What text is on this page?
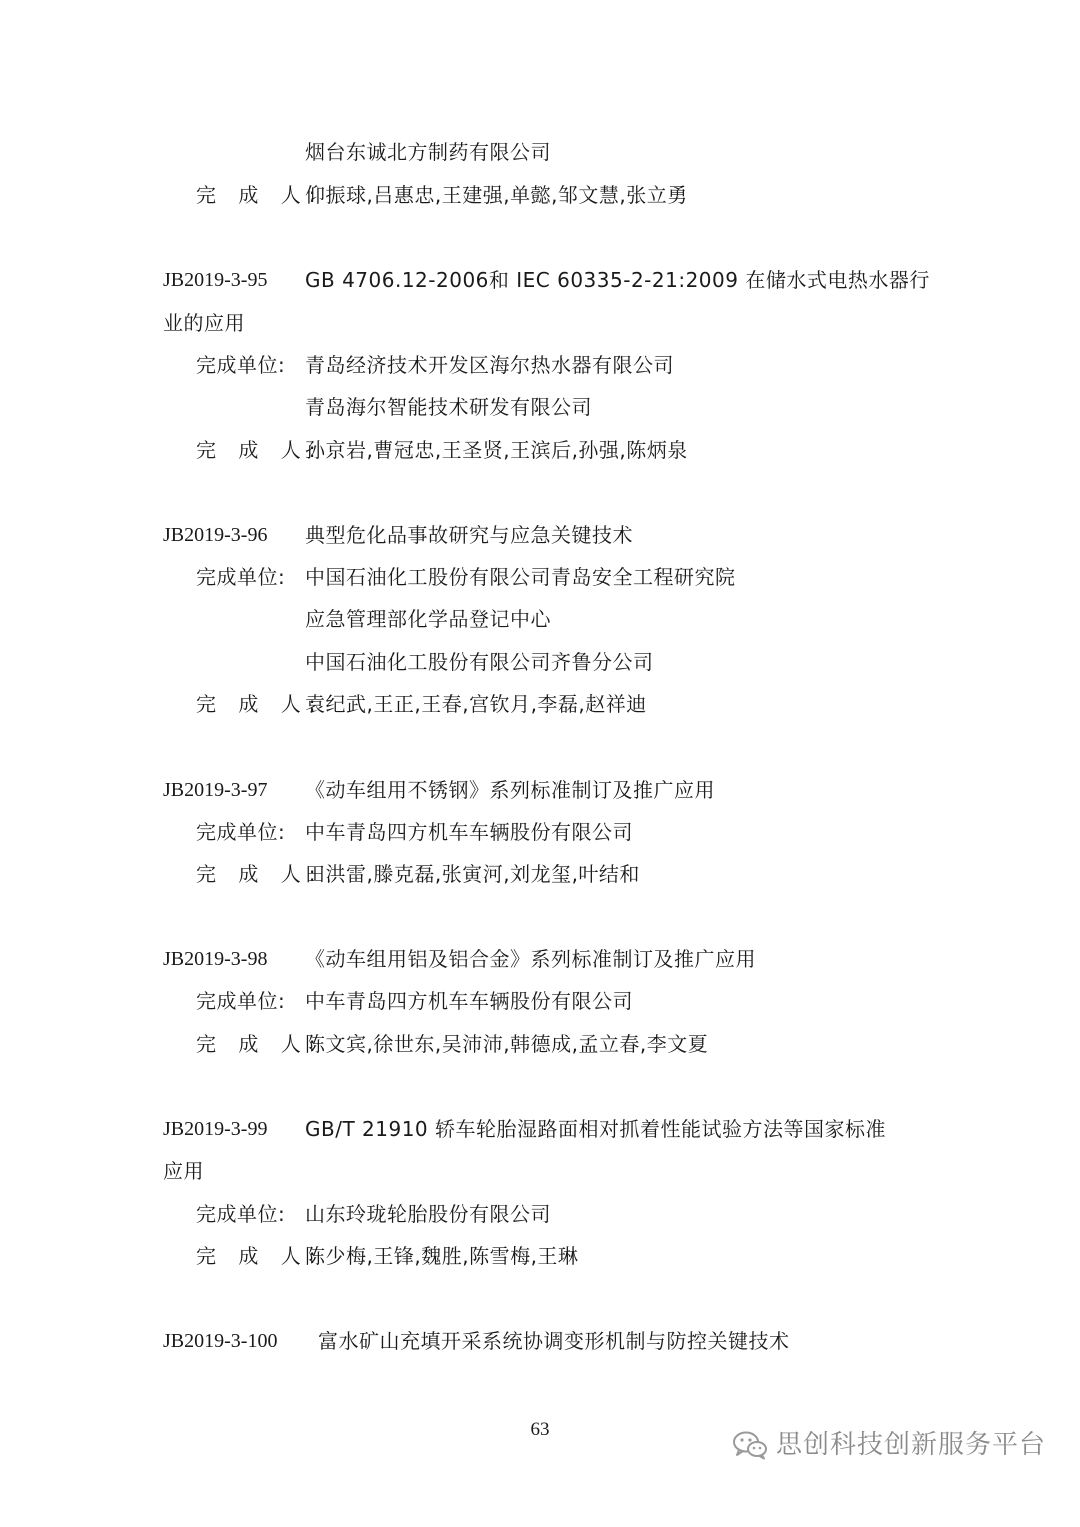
烟台东诚北方制药有限公司
完 成 人:
仰振球,吕惠忠,王建强,单懿,邹文慧,张立勇
JB2019-3-95 GB 4706.12-2006和 IEC 60335-2-21:2009 在储水式电热水器行
业的应用
完成单位: 青岛经济技术开发区海尔热水器有限公司
青岛海尔智能技术研发有限公司
完 成 人:
孙京岩,曹冠忠,王圣贤,王滨后,孙强,陈炳泉
JB2019-3-96 典型危化品事故研究与应急关键技术
完成单位: 中国石油化工股份有限公司青岛安全工程研究院
应急管理部化学品登记中心
中国石油化工股份有限公司齐鲁分公司
完 成 人:
袁纪武,王正,王春,宫钦月,李磊,赵祥迪
JB2019-3-97 《动车组用不锈钢》系列标准制订及推广应用
完成单位: 中车青岛四方机车车辆股份有限公司
完 成 人:
田洪雷,滕克磊,张寅河,刘龙玺,叶结和
JB2019-3-98 《动车组用铝及铝合金》系列标准制订及推广应用
完成单位: 中车青岛四方机车车辆股份有限公司
完 成 人:
陈文宾,徐世东,吴沛沛,韩德成,孟立春,李文夏
JB2019-3-99 GB/T 21910 轿车轮胎湿路面相对抓着性能试验方法等国家标准
应用
完成单位: 山东玲珑轮胎股份有限公司
完 成 人:
陈少梅,王锋,魏胜,陈雪梅,王琳
JB2019-3-100 富水矿山充填开采系统协调变形机制与防控关键技术
63
思创科技创新服务平台
